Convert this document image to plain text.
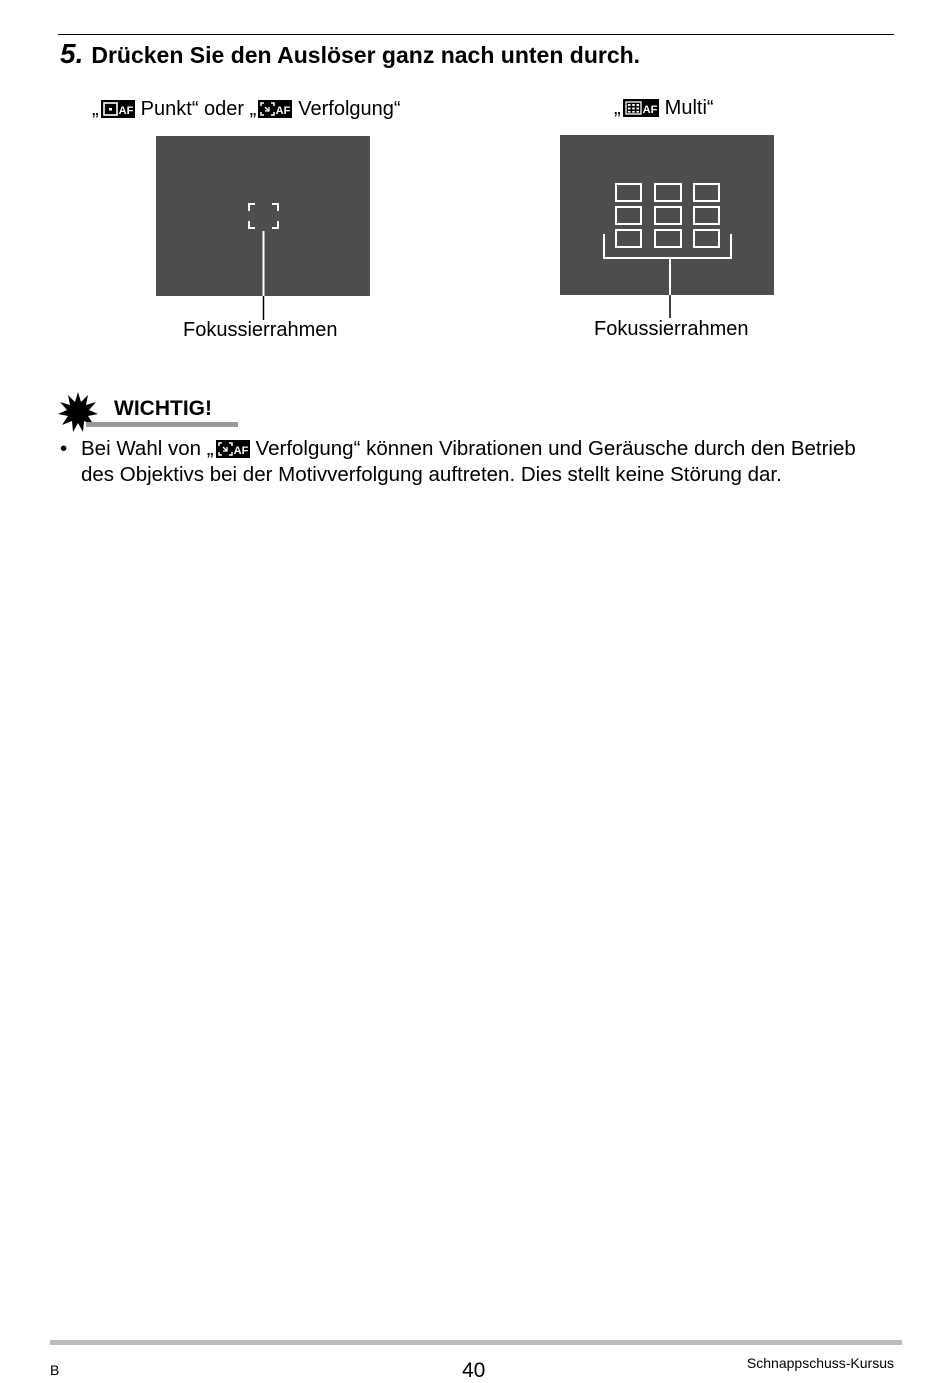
5. Drücken Sie den Auslöser ganz nach unten durch.
„ AF Punkt“ oder „ AF Verfolgung“	„ AF Multi“
Fokussierrahmen	Fokussierrahmen
WICHTIG!
• Bei Wahl von „ AF Verfolgung“ können Vibrationen und Geräusche durch den Betrieb des Objektivs bei der Motivverfolgung auftreten. Dies stellt keine Störung dar.
B	40	Schnappschuss-Kursus
